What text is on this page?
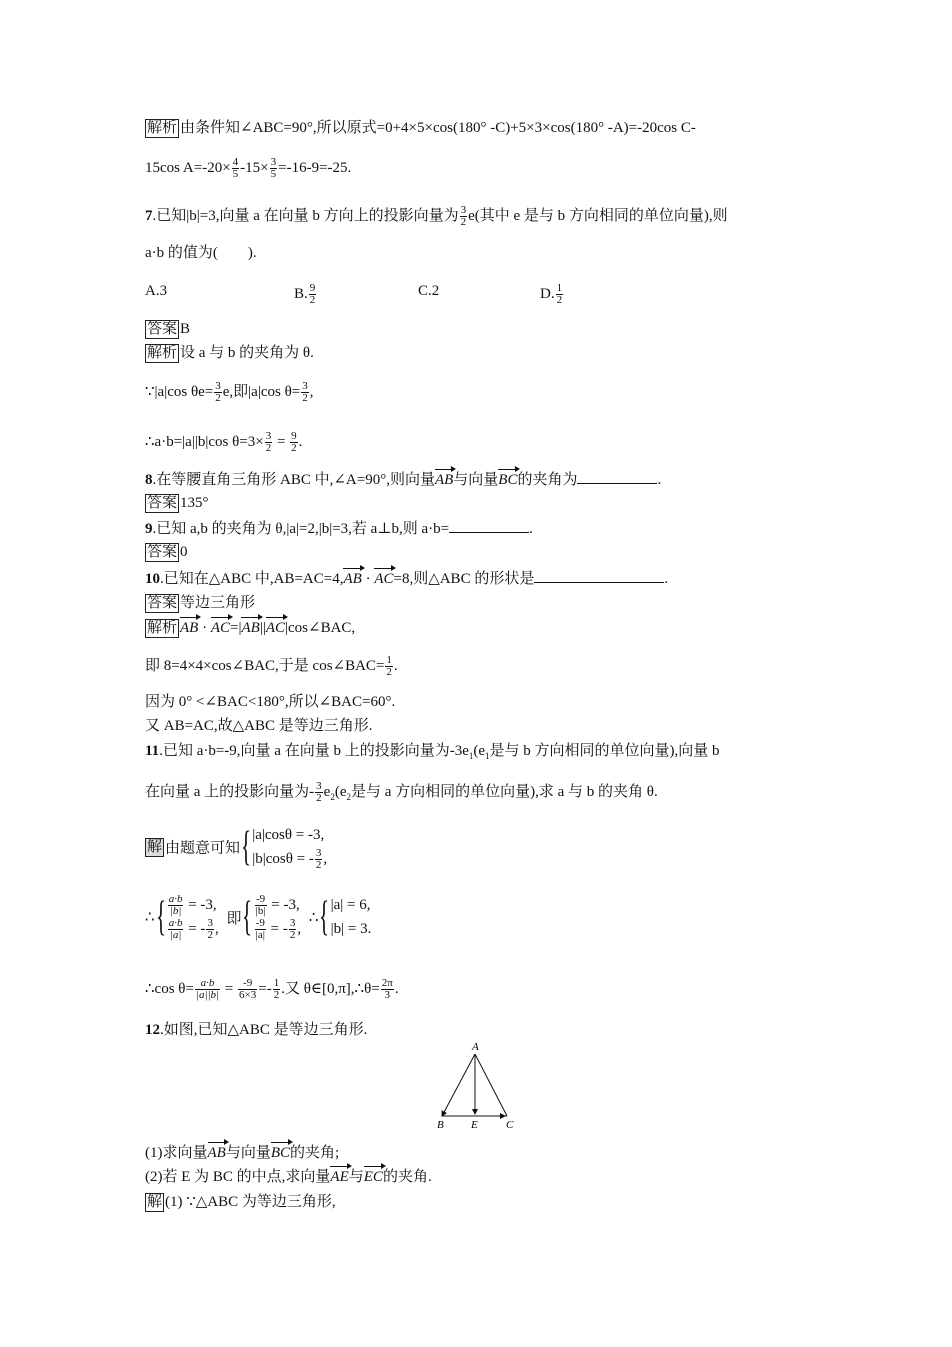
解析 由条件知∠ABC=90°,所以原式=0+4×5×cos(180° -C)+5×3×cos(180° -A)=-20cos C-
15cos $A=-20\times \frac{4}{5} -15\times \frac{3}{5} =-16-9=-25$.
7.已知|b|=3,向量 a 在向量 b 方向上的投影向量为 $\frac{3}{2} e$(其中 e 是与 b 方向相同的单位向量),则
a·b 的值为(　　).
A.3	B. $\frac{9}{2}$	C.2	D. $\frac{1}{2}$
答案 B
解析 设 a 与 b 的夹角为 θ.
∵|a|cos $\theta e= \frac{3}{2} e$,即|a|cos $\theta= \frac{3}{2}$ ,
∴a·b=|a||b|cos $\theta=3\times \frac{3}{2} = \frac{9}{2}$ .
8.在等腰直角三角形 ABC 中,∠A=90°,则向量AB与向量BC的夹角为	.
答案 135°
9.已知 a,b 的夹角为 θ,|a|=2,|b|=3,若 a⊥b,则 a·b=	.
答案 0
10.已知在△ABC 中,AB=AC=4,AB · AC=8,则△ABC 的形状是	.
答案 等边三角形
解析 AB · AC=|AB||AC|cos∠BAC,
即 8=4×4×cos∠BAC,于是 cos∠BAC= $\frac{1}{2}$ .
因为 0° <∠BAC<180°,所以∠BAC=60°.
又 AB=AC,故△ABC 是等边三角形.
11.已知 a·b=-9,向量 a 在向量 b 上的投影向量为$-3e_1(e_1$是与 b 方向相同的单位向量),向量 b
在向量 a 上的投影向量为- $\frac{3}{2} e_2(e_2$是与 a 方向相同的单位向量),求 a 与 b 的夹角 θ.
解 由题意可知{ |a|cosθ = -3,
|b|cosθ = - $\frac{3}{2}$ ,
∴{ $\frac{a\cdot b}{|b|} = -3$,
$\frac{a\cdot b}{|a|}$ = - $\frac{3}{2}$ ,
即{ $\frac{-9}{|b|} = -3$,
$\frac{-9}{|a|}$ = - $\frac{3}{2}$ ,
∴{ |a| = 6,
|b| = 3.
∴cos $\theta= \frac{a\cdot b}{|a||b|} = \frac{-9}{6\times 3} =- \frac{1}{2}$ .又 θ∈[0,π],∴θ= $\frac{2\pi}{3}$ .
12.如图,已知△ABC 是等边三角形.
A
B E	C
(1)求向量AB与向量BC的夹角;
(2)若 E 为 BC 的中点,求向量AE与EC的夹角.
解 (1) ∵△ABC 为等边三角形,
